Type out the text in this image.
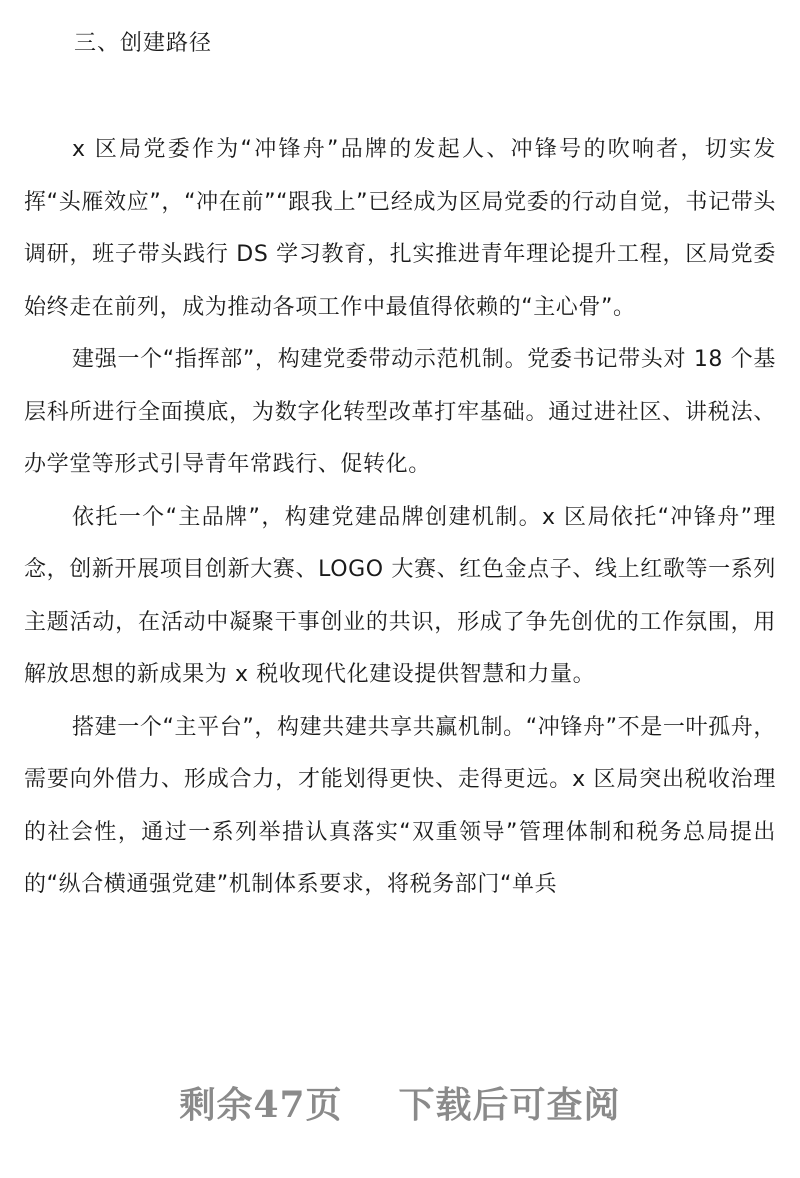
三、创建路径

x 区局党委作为“冲锋舟”品牌的发起人、冲锋号的吹响者，切实发挥“头雁效应”，“冲在前”“跟我上”已经成为区局党委的行动自觉，书记带头调研，班子带头践行 DS 学习教育，扎实推进青年理论提升工程，区局党委始终走在前列，成为推动各项工作中最值得依赖的“主心骨”。

建强一个“指挥部”，构建党委带动示范机制。党委书记带头对 18 个基层科所进行全面摸底，为数字化转型改革打牢基础。通过进社区、讲税法、办学堂等形式引导青年常践行、促转化。

依托一个“主品牌”，构建党建品牌创建机制。x 区局依托“冲锋舟”理念，创新开展项目创新大赛、LOGO 大赛、红色金点子、线上红歌等一系列主题活动，在活动中凝聚干事创业的共识，形成了争先创优的工作氛围，用解放思想的新成果为 x 税收现代化建设提供智慧和力量。

搭建一个“主平台”，构建共建共享共赢机制。“冲锋舟”不是一叶孤舟，需要向外借力、形成合力，才能划得更快、走得更远。x 区局突出税收治理的社会性，通过一系列举措认真落实“双重领导”管理体制和税务总局提出的“纵合横通强党建”机制体系要求，将税务部门“单兵

剩余47页 下载后可查阅
